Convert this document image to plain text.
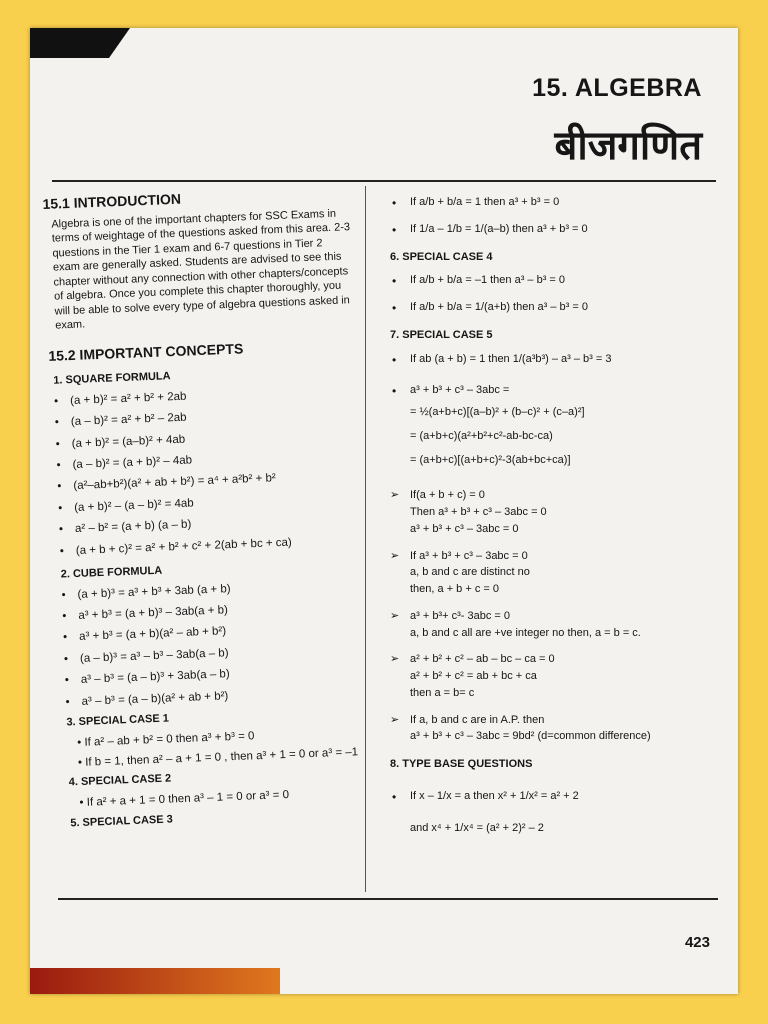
15. ALGEBRA
बीजगणित
15.1 INTRODUCTION

Algebra is one of the important chapters for SSC Exams in terms of weightage of the questions asked from this area. 2-3 questions in the Tier 1 exam and 6-7 questions in Tier 2 exam are generally asked. Students are advised to see this chapter without any connection with other chapters/concepts of algebra. Once you complete this chapter thoroughly, you will be able to solve every type of algebra questions asked in exam.

15.2 IMPORTANT CONCEPTS
1. SQUARE FORMULA
• (a + b)² = a² + b² + 2ab
• (a – b)² = a² + b² – 2ab
• (a + b)² = (a–b)² + 4ab
• (a – b)² = (a + b)² – 4ab
• (a²–ab+b²)(a² + ab + b²) = a⁴ + a²b² + b²
• (a + b)² – (a – b)² = 4ab
• a² – b² = (a + b) (a – b)
• (a + b + c)² = a² + b² + c² + 2(ab + bc + ca)
2. CUBE FORMULA
• (a + b)³ = a³ + b³ + 3ab (a + b)
• a³ + b³ = (a + b)³ – 3ab(a + b)
• a³ + b³ = (a + b)(a² – ab + b²)
• (a – b)³ = a³ – b³ – 3ab(a – b)
• a³ – b³ = (a – b)³ + 3ab(a – b)
• a³ – b³ = (a – b)(a² + ab + b²)
3. SPECIAL CASE 1
• If a² – ab + b² = 0 then a³ + b³ = 0
• If b = 1, then a² – a + 1 = 0 , then a³ + 1 = 0 or a³ = –1
4. SPECIAL CASE 2
• If a² + a + 1 = 0 then a³ – 1 = 0 or a³ = 0
5. SPECIAL CASE 3
• If a/b + b/a = 1 then a³ + b³ = 0
• If 1/a – 1/b = 1/(a–b) then a³ + b³ = 0
6. SPECIAL CASE 4
• If a/b + b/a = –1 then a³ – b³ = 0
• If a/b + b/a = 1/(a+b) then a³ – b³ = 0
7. SPECIAL CASE 5
• If ab (a + b) = 1 then 1/(a³b³) – a³ – b³ = 3
• a³ + b³ + c³ – 3abc =
= ½(a+b+c)[(a–b)² + (b–c)² + (c–a)²]
= (a+b+c)(a²+b²+c²-ab-bc-ca)
= (a+b+c)[(a+b+c)²-3(ab+bc+ca)]
➢ If(a + b + c) = 0
Then a³ + b³ + c³ – 3abc = 0
a³ + b³ + c³ – 3abc = 0
➢ If a³ + b³ + c³ – 3abc = 0
a, b and c are distinct no
then, a + b + c = 0
➢ a³ + b³+ c³- 3abc = 0
a, b and c all are +ve integer no then, a = b = c.
➢ a² + b² + c² – ab – bc – ca = 0
a² + b² + c² = ab + bc + ca
then a = b= c
➢ If a, b and c are in A.P. then
a³ + b³ + c³ – 3abc = 9bd² (d=common difference)
8. TYPE BASE QUESTIONS
• If x – 1/x = a then x² + 1/x² = a² + 2
and x⁴ + 1/x⁴ = (a² + 2)² – 2
423
